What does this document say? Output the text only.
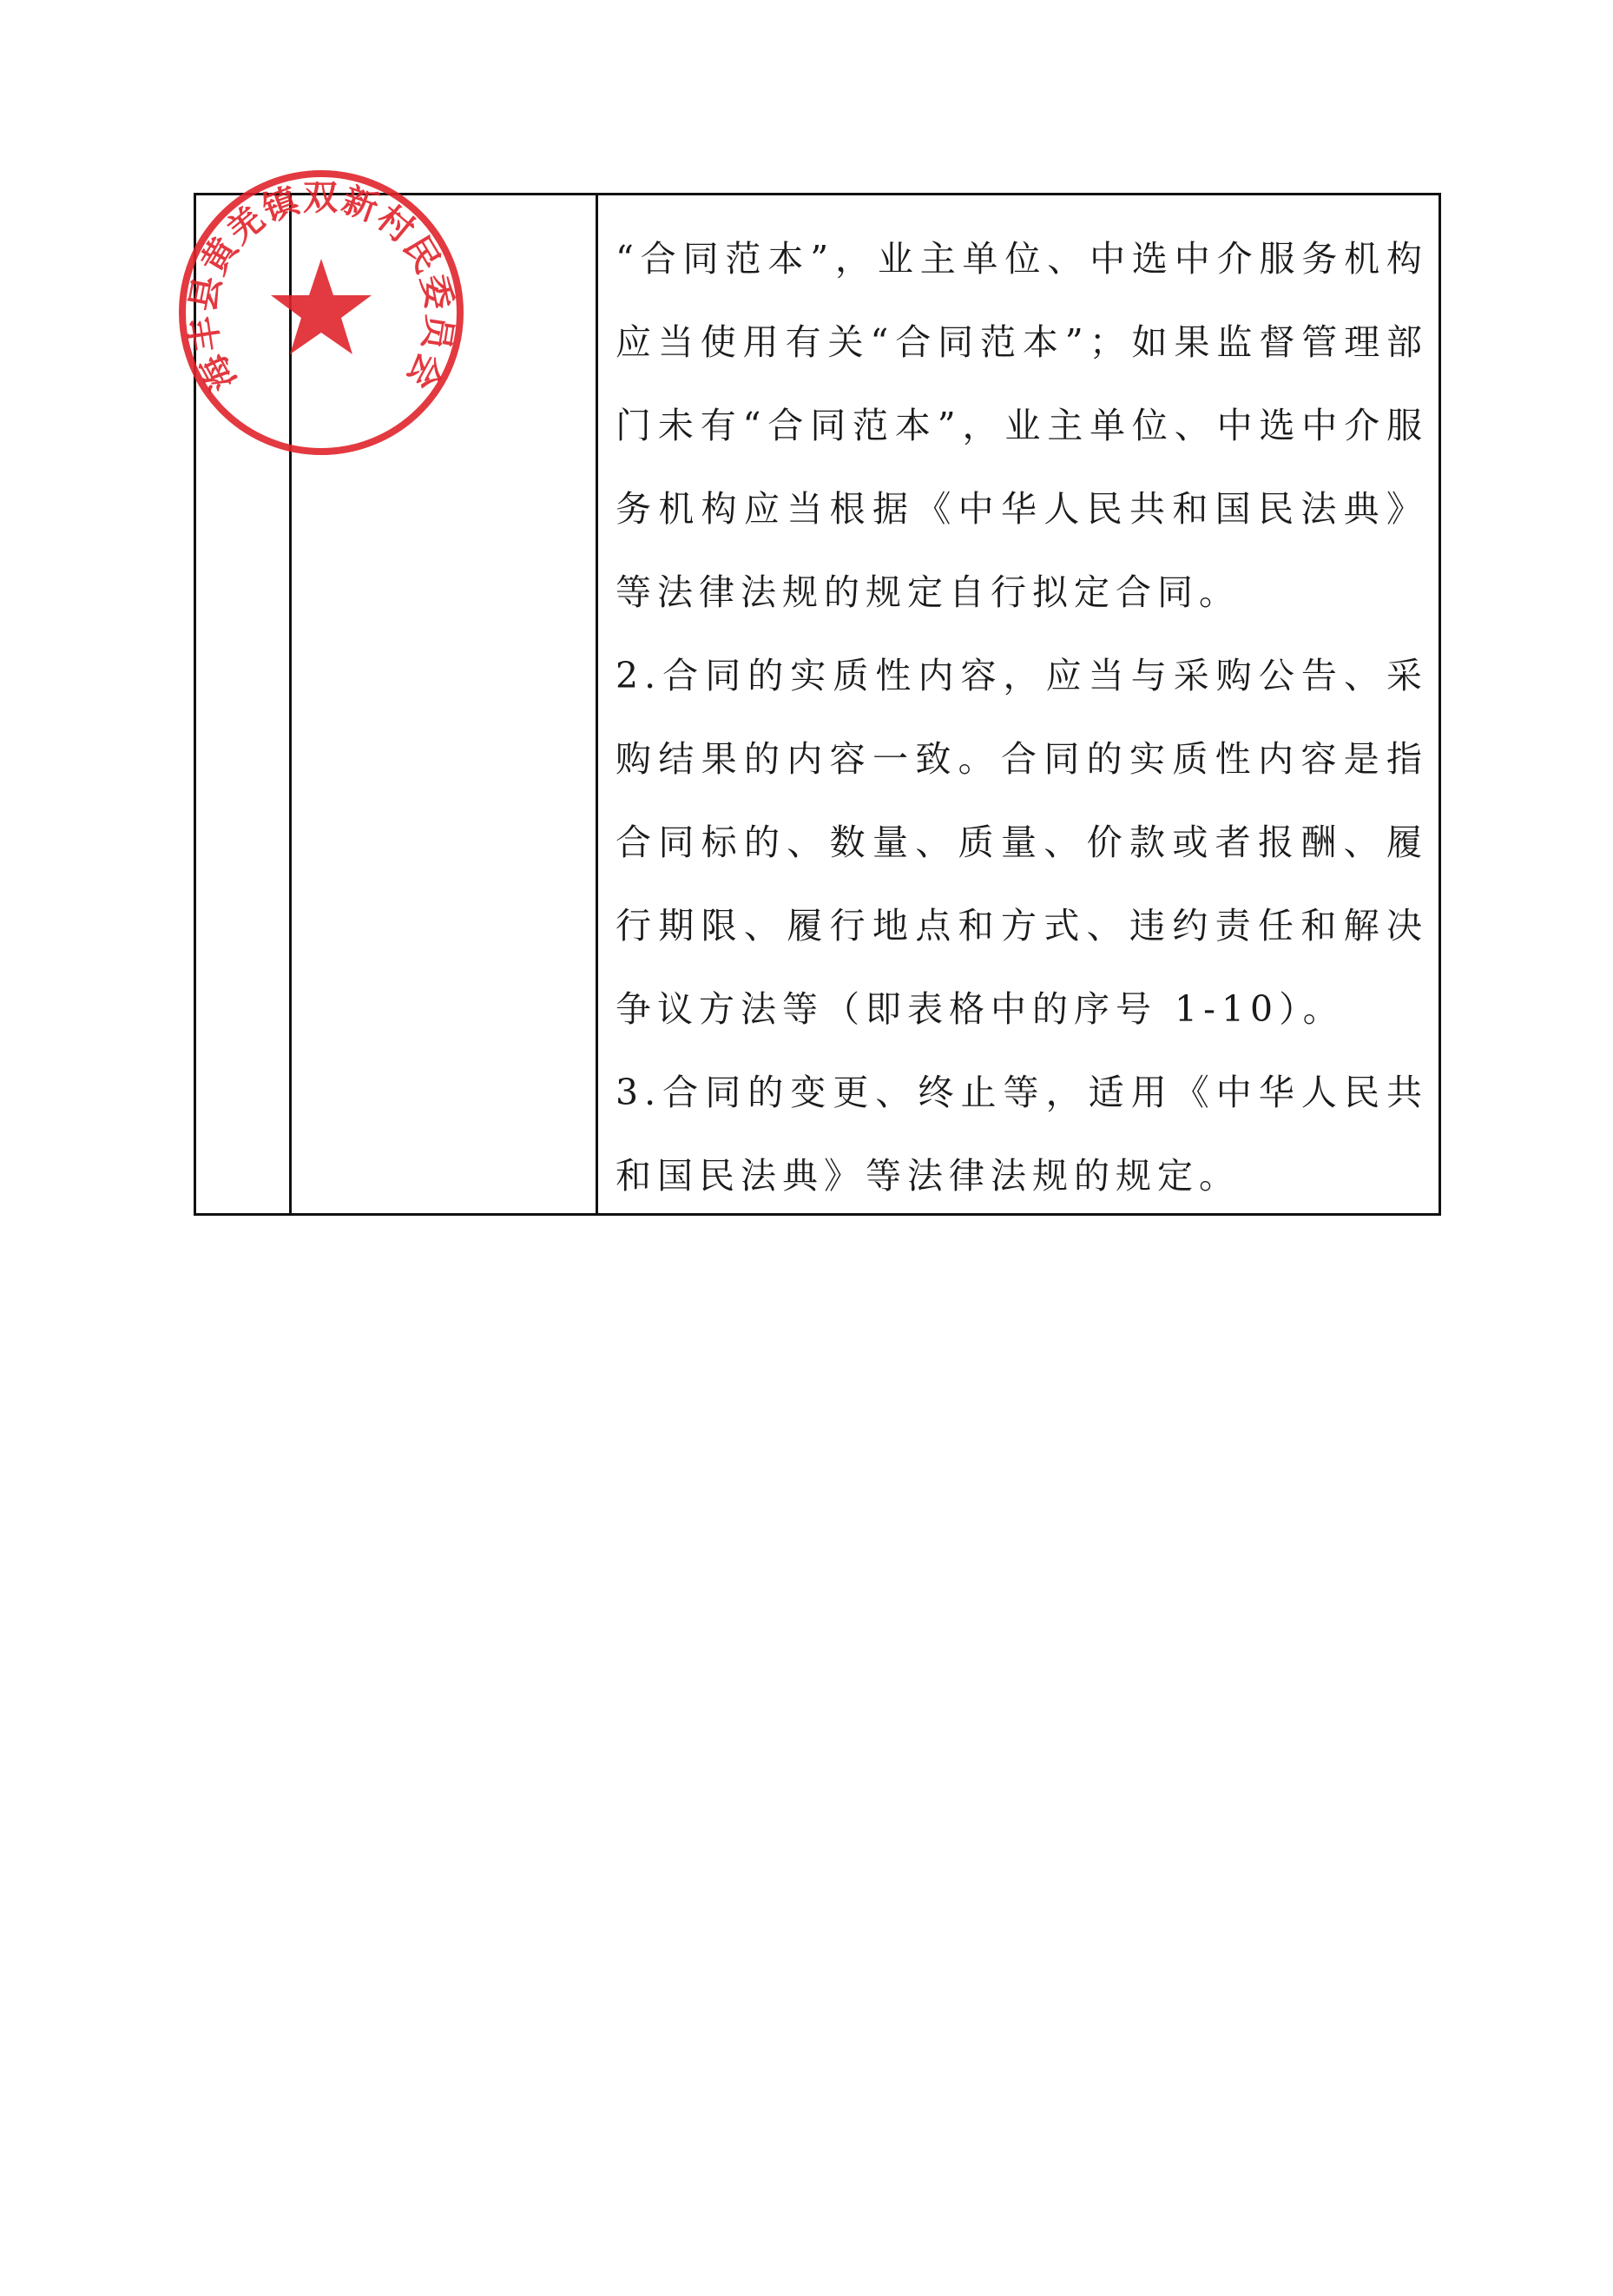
“合同范本”，业主单位、中选中介服务机构应当使用有关“合同范本”；如果监督管理部门未有“合同范本”，业主单位、中选中介服务机构应当根据《中华人民共和国民法典》等法律法规的规定自行拟定合同。

2.合同的实质性内容，应当与采购公告、采购结果的内容一致。合同的实质性内容是指合同标的、数量、质量、价款或者报酬、履行期限、履行地点和方式、违约责任和解决争议方法等（即表格中的序号 1-10）。

3.合同的变更、终止等，适用《中华人民共和国民法典》等法律法规的规定。

海丰县黄羌镇双新村民委员会
